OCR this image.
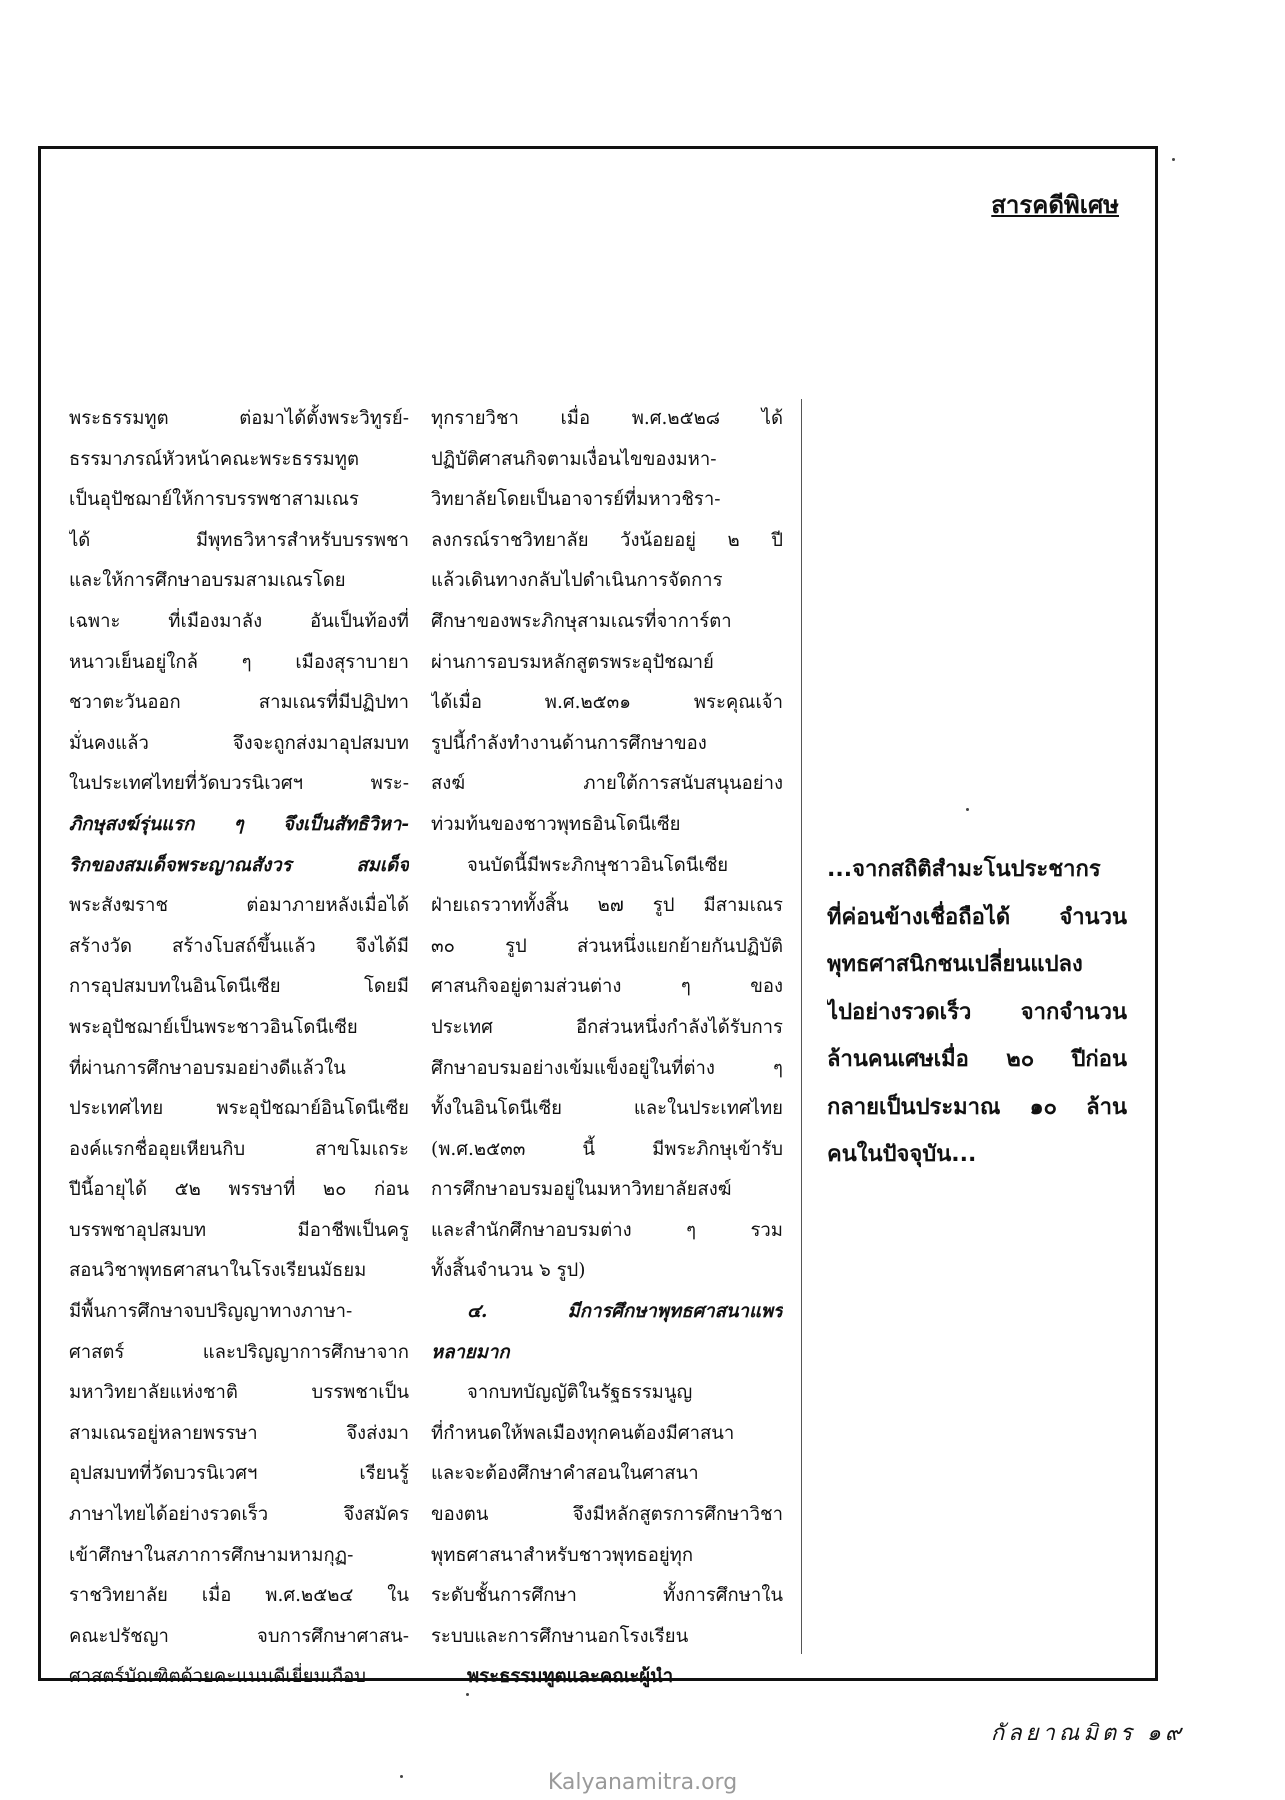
สารคดีพิเศษ
พระธรรมทูต ต่อมาได้ตั้งพระวิทูรย์-
ธรรมาภรณ์หัวหน้าคณะพระธรรมทูต
เป็นอุปัชฌาย์ให้การบรรพชาสามเณร
ได้ มีพุทธวิหารสำหรับบรรพชา
และให้การศึกษาอบรมสามเณรโดย
เฉพาะ ที่เมืองมาลัง อันเป็นท้องที่
หนาวเย็นอยู่ใกล้ ๆ เมืองสุราบายา
ชวาตะวันออก สามเณรที่มีปฏิปทา
มั่นคงแล้ว จึงจะถูกส่งมาอุปสมบท
ในประเทศไทยที่วัดบวรนิเวศฯ พระ-
ภิกษุสงฆ์รุ่นแรก ๆ จึงเป็นสัทธิวิหา-
ริกของสมเด็จพระญาณสังวร สมเด็จ
พระสังฆราช ต่อมาภายหลังเมื่อได้
สร้างวัด สร้างโบสถ์ขึ้นแล้ว จึงได้มี
การอุปสมบทในอินโดนีเซีย โดยมี
พระอุปัชฌาย์เป็นพระชาวอินโดนีเซีย
ที่ผ่านการศึกษาอบรมอย่างดีแล้วใน
ประเทศไทย พระอุปัชฌาย์อินโดนีเซีย
องค์แรกชื่ออุยเหียนกิบ สาขโมเถระ
ปีนี้อายุได้ ๕๒ พรรษาที่ ๒๐ ก่อน
บรรพชาอุปสมบท มีอาชีพเป็นครู
สอนวิชาพุทธศาสนาในโรงเรียนมัธยม
มีพื้นการศึกษาจบปริญญาทางภาษา-
ศาสตร์ และปริญญาการศึกษาจาก
มหาวิทยาลัยแห่งชาติ บรรพชาเป็น
สามเณรอยู่หลายพรรษา จึงส่งมา
อุปสมบทที่วัดบวรนิเวศฯ เรียนรู้
ภาษาไทยได้อย่างรวดเร็ว จึงสมัคร
เข้าศึกษาในสภาการศึกษามหามกุฏ-
ราชวิทยาลัย เมื่อ พ.ศ.๒๕๒๔ ใน
คณะปรัชญา จบการศึกษาศาสน-
ศาสตร์บัณฑิตด้วยคะแนนดีเยี่ยมเกือบ
ทุกรายวิชา เมื่อ พ.ศ.๒๕๒๘ ได้
ปฏิบัติศาสนกิจตามเงื่อนไขของมหา-
วิทยาลัยโดยเป็นอาจารย์ที่มหาวชิรา-
ลงกรณ์ราชวิทยาลัย วังน้อยอยู่ ๒ ปี
แล้วเดินทางกลับไปดำเนินการจัดการ
ศึกษาของพระภิกษุสามเณรที่จาการ์ตา
ผ่านการอบรมหลักสูตรพระอุปัชฌาย์
ได้เมื่อ พ.ศ.๒๕๓๑ พระคุณเจ้า
รูปนี้กำลังทำงานด้านการศึกษาของ
สงฆ์ ภายใต้การสนับสนุนอย่าง
ท่วมท้นของชาวพุทธอินโดนีเซีย
จนบัดนี้มีพระภิกษุชาวอินโดนีเซีย
ฝ่ายเถรวาททั้งสิ้น ๒๗ รูป มีสามเณร
๓๐ รูป ส่วนหนึ่งแยกย้ายกันปฏิบัติ
ศาสนกิจอยู่ตามส่วนต่าง ๆ ของ
ประเทศ อีกส่วนหนึ่งกำลังได้รับการ
ศึกษาอบรมอย่างเข้มแข็งอยู่ในที่ต่าง ๆ
ทั้งในอินโดนีเซีย และในประเทศไทย
(พ.ศ.๒๕๓๓ นี้ มีพระภิกษุเข้ารับ
การศึกษาอบรมอยู่ในมหาวิทยาลัยสงฆ์
และสำนักศึกษาอบรมต่าง ๆ รวม
ทั้งสิ้นจำนวน ๖ รูป)
๔. มีการศึกษาพุทธศาสนาแพร่
หลายมาก
จากบทบัญญัติในรัฐธรรมนูญ
ที่กำหนดให้พลเมืองทุกคนต้องมีศาสนา
และจะต้องศึกษาคำสอนในศาสนา
ของตน จึงมีหลักสูตรการศึกษาวิชา
พุทธศาสนาสำหรับชาวพุทธอยู่ทุก
ระดับชั้นการศึกษา ทั้งการศึกษาใน
ระบบและการศึกษานอกโรงเรียน
พระธรรมทูตและคณะผู้นำ
...จากสถิติสำมะโนประชากร
ที่ค่อนข้างเชื่อถือได้ จำนวน
พุทธศาสนิกชนเปลี่ยนแปลง
ไปอย่างรวดเร็ว จากจำนวน
ล้านคนเศษเมื่อ ๒๐ ปีก่อน
กลายเป็นประมาณ ๑๐ ล้าน
คนในปัจจุบัน...
กัลยาณมิตร ๑๙
Kalyanamitra.org
